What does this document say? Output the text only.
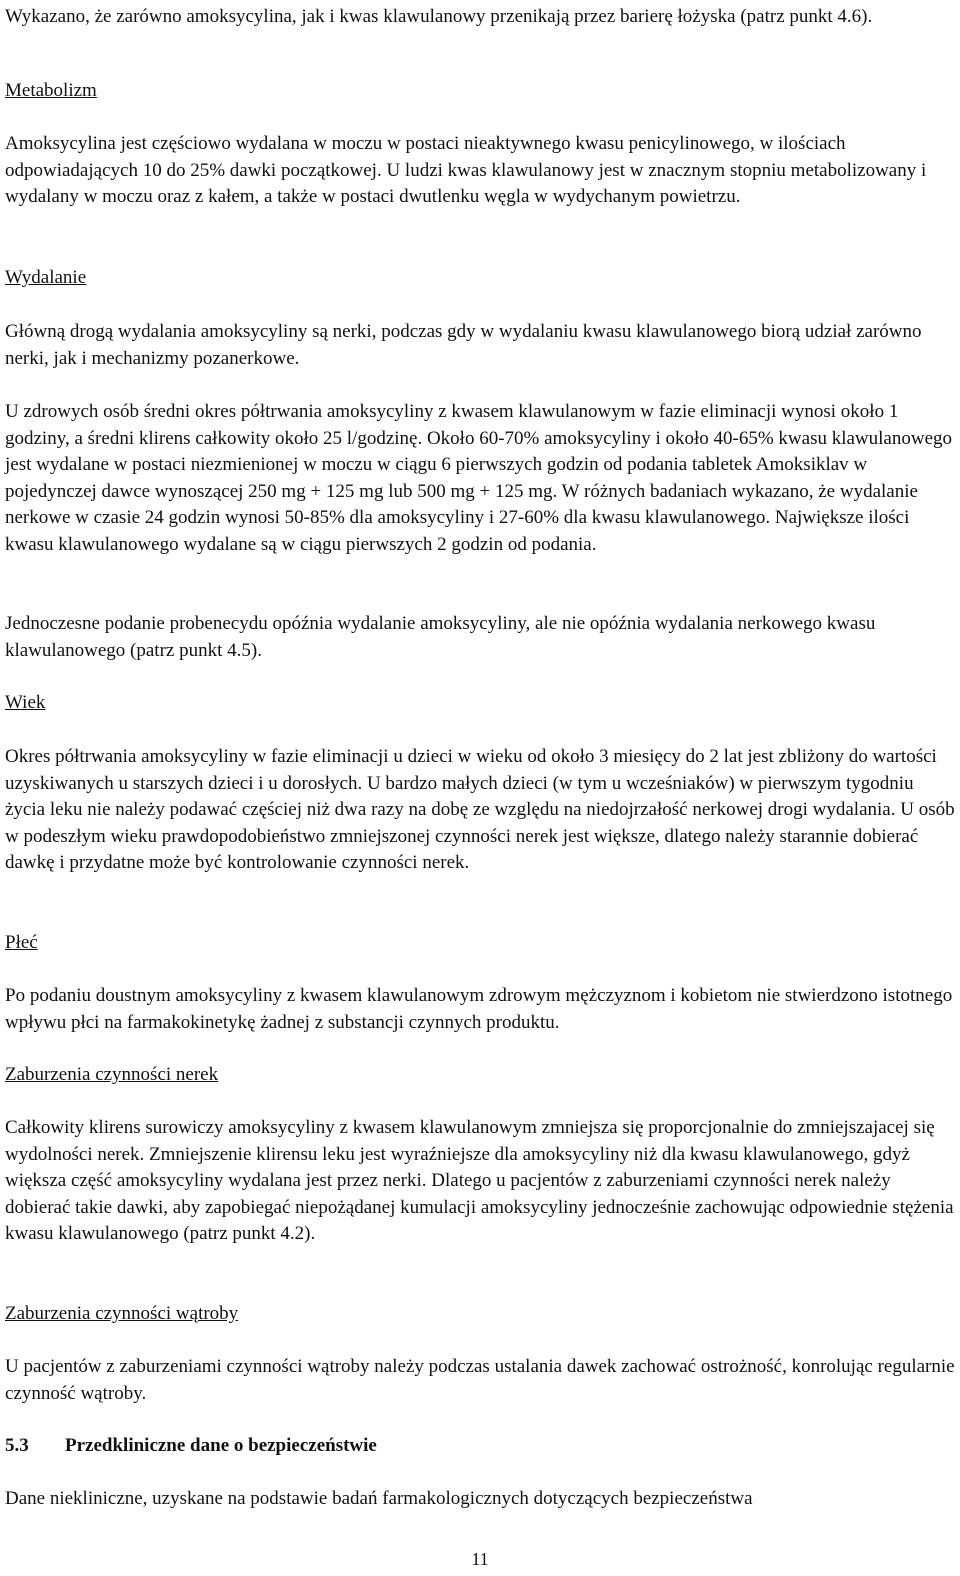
Wykazano, że zarówno amoksycylina, jak i kwas klawulanowy przenikają przez barierę łożyska (patrz punkt 4.6).

Metabolizm

Amoksycylina jest częściowo wydalana w moczu w postaci nieaktywnego kwasu penicylinowego, w ilościach odpowiadających 10 do 25% dawki początkowej. U ludzi kwas klawulanowy jest w znacznym stopniu metabolizowany i wydalany w moczu oraz z kałem, a także w postaci dwutlenku węgla w wydychanym powietrzu.

Wydalanie

Główną drogą wydalania amoksycyliny są nerki, podczas gdy w wydalaniu kwasu klawulanowego biorą udział zarówno nerki, jak i mechanizmy pozanerkowe.

U zdrowych osób średni okres półtrwania amoksycyliny z kwasem klawulanowym w fazie eliminacji wynosi około 1 godziny, a średni klirens całkowity około 25 l/godzinę. Około 60-70% amoksycyliny i około 40-65% kwasu klawulanowego jest wydalane w postaci niezmienionej w moczu w ciągu 6 pierwszych godzin od podania tabletek Amoksiklav w pojedynczej dawce wynoszącej 250 mg + 125 mg lub 500 mg + 125 mg. W różnych badaniach wykazano, że wydalanie nerkowe w czasie 24 godzin wynosi 50-85% dla amoksycyliny i 27-60% dla kwasu klawulanowego. Największe ilości kwasu klawulanowego wydalane są w ciągu pierwszych 2 godzin od podania.

Jednoczesne podanie probenecydu opóźnia wydalanie amoksycyliny, ale nie opóźnia wydalania nerkowego kwasu klawulanowego (patrz punkt 4.5).

Wiek

Okres półtrwania amoksycyliny w fazie eliminacji u dzieci w wieku od około 3 miesięcy do 2 lat jest zbliżony do wartości uzyskiwanych u starszych dzieci i u dorosłych. U bardzo małych dzieci (w tym u wcześniaków) w pierwszym tygodniu życia leku nie należy podawać częściej niż dwa razy na dobę ze względu na niedojrzałość nerkowej drogi wydalania. U osób w podeszłym wieku prawdopodobieństwo zmniejszonej czynności nerek jest większe, dlatego należy starannie dobierać dawkę i przydatne może być kontrolowanie czynności nerek.

Płeć

Po podaniu doustnym amoksycyliny z kwasem klawulanowym zdrowym mężczyznom i kobietom nie stwierdzono istotnego wpływu płci na farmakokinetykę żadnej z substancji czynnych produktu.

Zaburzenia czynności nerek

Całkowity klirens surowiczy amoksycyliny z kwasem klawulanowym zmniejsza się proporcjonalnie do zmniejszajacej się wydolności nerek. Zmniejszenie klirensu leku jest wyraźniejsze dla amoksycyliny niż dla kwasu klawulanowego, gdyż większa część amoksycyliny wydalana jest przez nerki. Dlatego u pacjentów z zaburzeniami czynności nerek należy dobierać takie dawki, aby zapobiegać niepożądanej kumulacji amoksycyliny jednocześnie zachowując odpowiednie stężenia kwasu klawulanowego (patrz punkt 4.2).

Zaburzenia czynności wątroby

U pacjentów z zaburzeniami czynności wątroby należy podczas ustalania dawek zachować ostrożność, konrolując regularnie czynność wątroby.

5.3 Przedkliniczne dane o bezpieczeństwie

Dane niekliniczne, uzyskane na podstawie badań farmakologicznych dotyczących bezpieczeństwa

11
